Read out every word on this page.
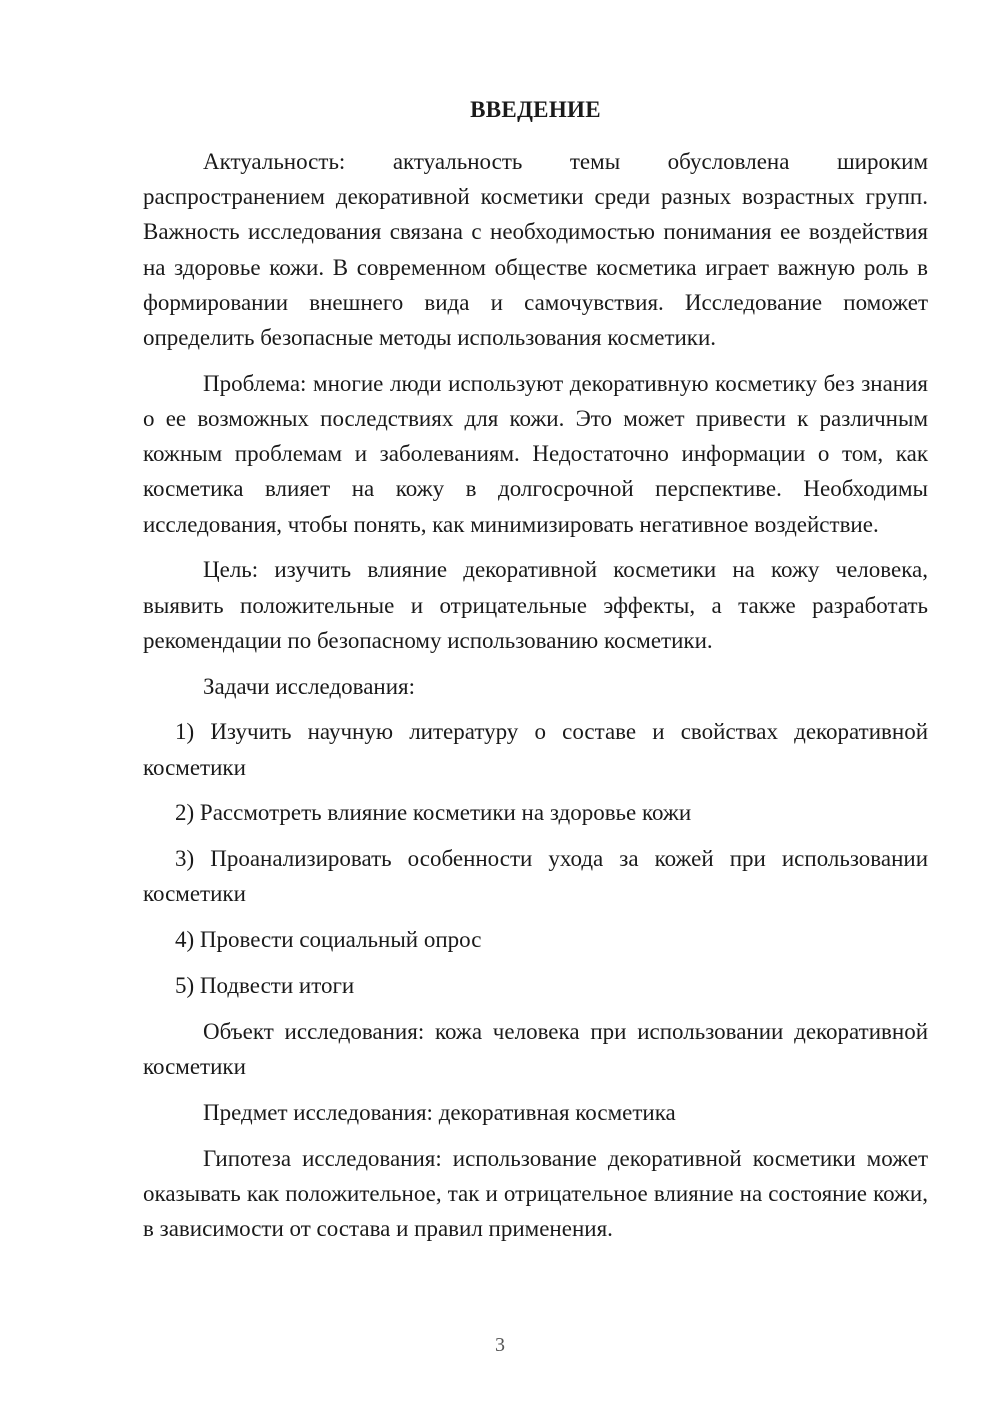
ВВЕДЕНИЕ

Актуальность: актуальность темы обусловлена широким распространением декоративной косметики среди разных возрастных групп. Важность исследования связана с необходимостью понимания ее воздействия на здоровье кожи. В современном обществе косметика играет важную роль в формировании внешнего вида и самочувствия. Исследование поможет определить безопасные методы использования косметики.

Проблема: многие люди используют декоративную косметику без знания о ее возможных последствиях для кожи. Это может привести к различным кожным проблемам и заболеваниям. Недостаточно информации о том, как косметика влияет на кожу в долгосрочной перспективе. Необходимы исследования, чтобы понять, как минимизировать негативное воздействие.

Цель: изучить влияние декоративной косметики на кожу человека, выявить положительные и отрицательные эффекты, а также разработать рекомендации по безопасному использованию косметики.

Задачи исследования:

1) Изучить научную литературу о составе и свойствах декоративной косметики

2) Рассмотреть влияние косметики на здоровье кожи

3) Проанализировать особенности ухода за кожей при использовании косметики

4) Провести социальный опрос

5) Подвести итоги

Объект исследования: кожа человека при использовании декоративной косметики

Предмет исследования: декоративная косметика

Гипотеза исследования: использование декоративной косметики может оказывать как положительное, так и отрицательное влияние на состояние кожи, в зависимости от состава и правил применения.

3
